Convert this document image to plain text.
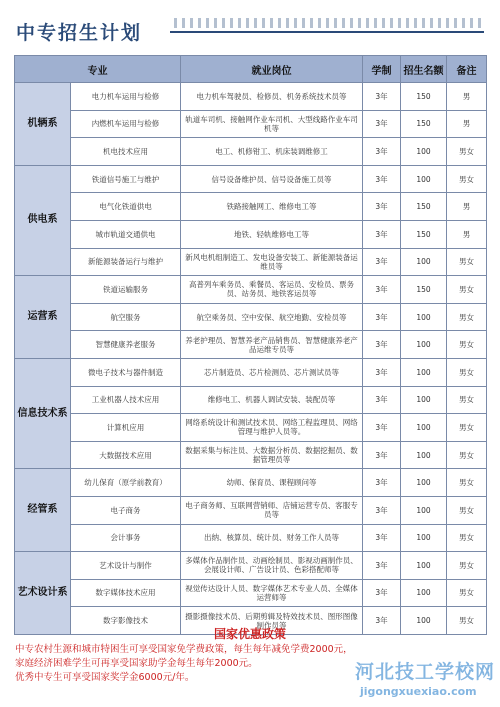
中专招生计划
专业		就业岗位	学制	招生名额	备注
机辆系	电力机车运用与检修	电力机车驾驶员、检修员、机务系统技术员等	3年	150	男
	内燃机车运用与检修	轨道车司机、接触网作业车司机、大型线路作业车司机等	3年	150	男
	机电技术应用	电工、机修钳工、机床装调维修工	3年	100	男女
供电系	铁道信号施工与维护	信号设备维护员、信号设备施工员等	3年	100	男女
	电气化铁道供电	铁路接触网工、维修电工等	3年	150	男
	城市轨道交通供电	地铁、轻轨维修电工等	3年	150	男
	新能源装备运行与维护	新风电机组制造工、发电设备安装工、新能源装备运维员等	3年	100	男女
运营系	铁道运输服务	高普列车乘务员、乘餐员、客运员、安检员、票务员、站务员、地铁客运员等	3年	150	男女
	航空服务	航空乘务员、空中安保、航空地勤、安检员等	3年	100	男女
	智慧健康养老服务	养老护理员、智慧养老产品销售员、智慧健康养老产品运维专员等	3年	100	男女
信息技术系	微电子技术与器件制造	芯片制造员、芯片检测员、芯片测试员等	3年	100	男女
	工业机器人技术应用	维修电工、机器人调试安装、装配员等	3年	100	男女
	计算机应用	网络系统设计和测试技术员、网络工程监理员、网络管理与维护人员等。	3年	100	男女
	大数据技术应用	数据采集与标注员、大数据分析员、数据挖掘员、数据管理员等	3年	100	男女
经管系	幼儿保育（原学前教育）	幼师、保育员、课程顾问等	3年	100	男女
	电子商务	电子商务师、互联网营销师、店铺运营专员、客服专员等	3年	100	男女
	会计事务	出纳、核算员、统计员、财务工作人员等	3年	100	男女
艺术设计系	艺术设计与制作	多媒体作品制作员、动画绘制员、影视动画制作员、会展设计师、广告设计员、色彩搭配师等	3年	100	男女
	数字媒体技术应用	视觉传达设计人员、数字媒体艺术专业人员、全媒体运营师等	3年	100	男女
	数字影像技术	摄影摄像技术员、后期剪辑及特效技术员、图形图像制作员等	3年	100	男女
国家优惠政策
中专农村生源和城市特困生可享受国家免学费政策，每生每年减免学费2000元，
家庭经济困难学生可再享受国家助学金每生每年2000元。
优秀中专生可享受国家奖学金6000元/年。	河北技工学校网
jigongxuexiao.com
